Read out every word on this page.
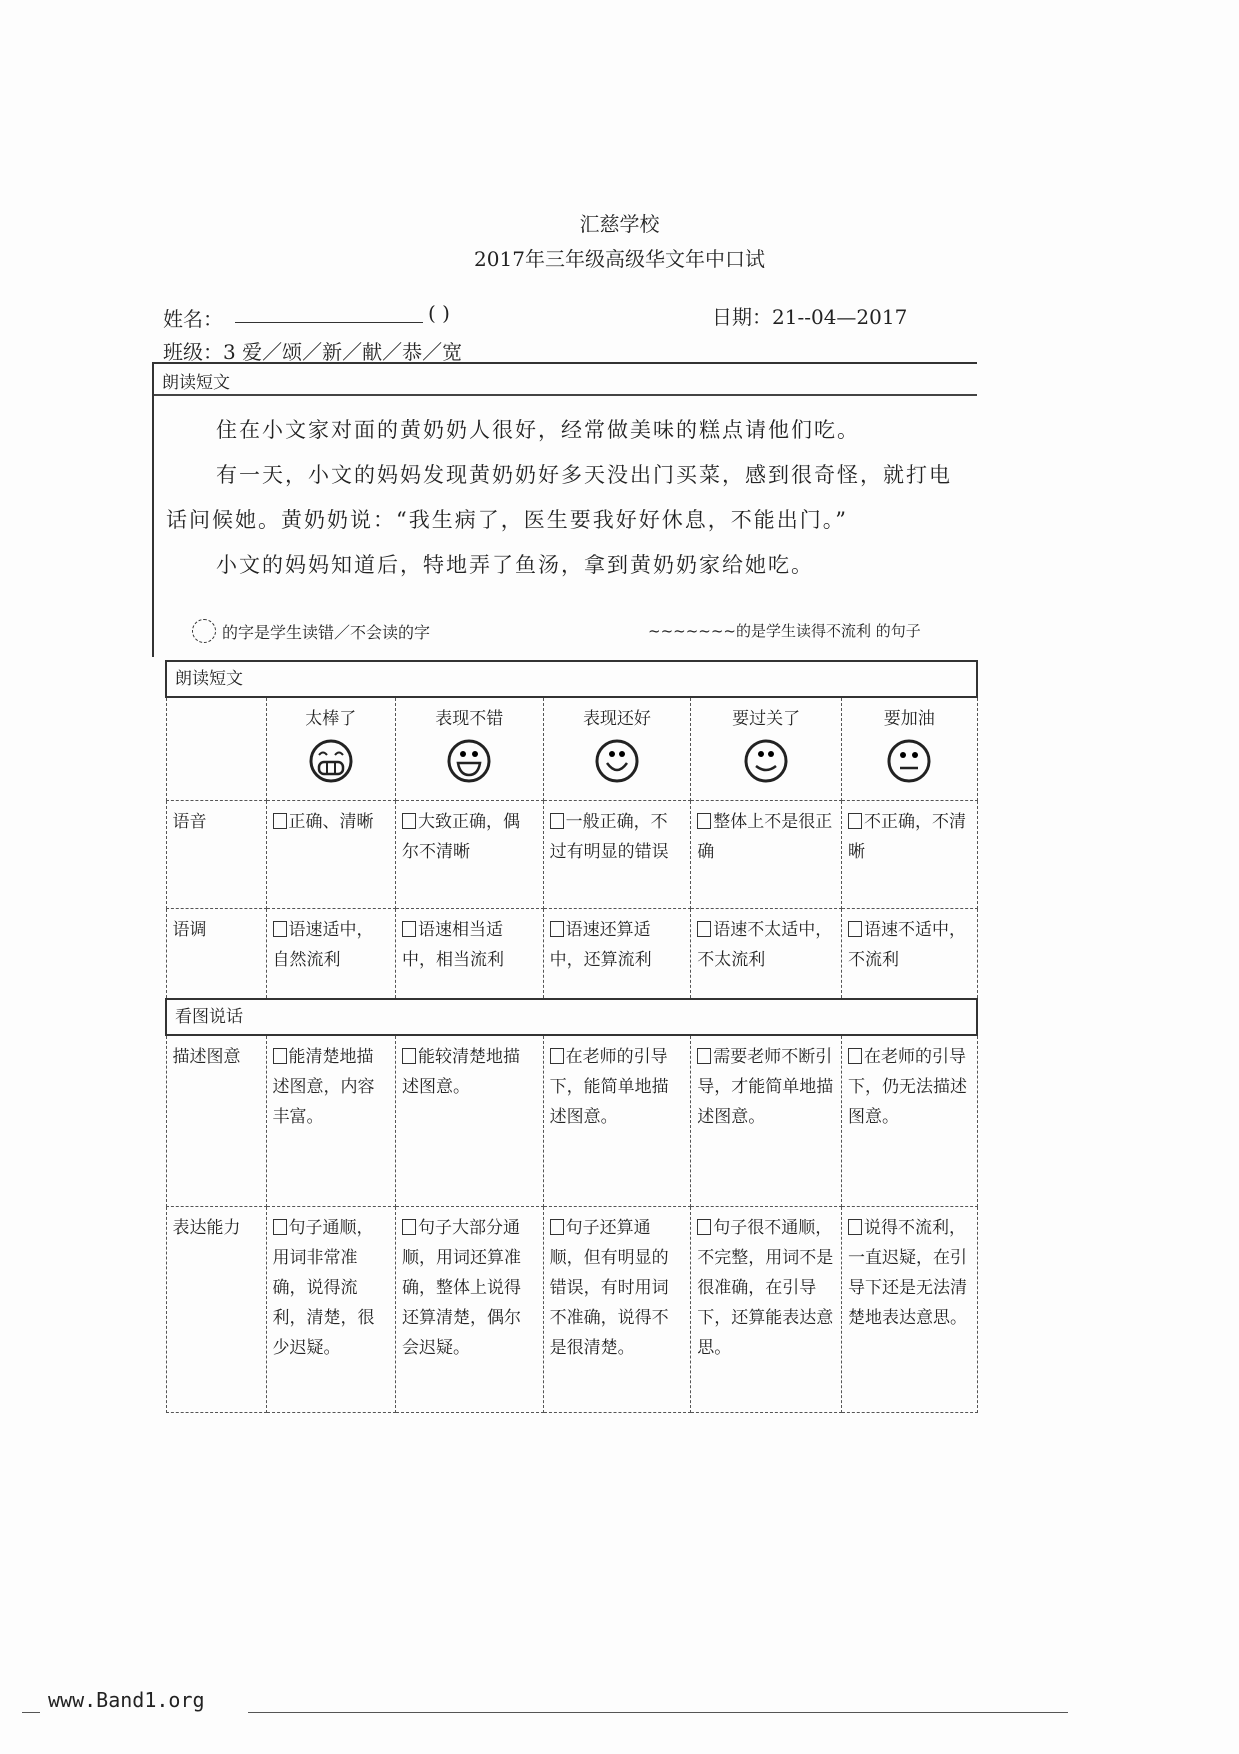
汇慈学校
2017年三年级高级华文年中口试
姓名：	( )	日期：21--04—2017
班级：3 爱／颂／新／献／恭／宽
朗读短文
住在小文家对面的黄奶奶人很好，经常做美味的糕点请他们吃。
有一天，小文的妈妈发现黄奶奶好多天没出门买菜，感到很奇怪，就打电
话问候她。黄奶奶说：“我生病了，医生要我好好休息，不能出门。”
小文的妈妈知道后，特地弄了鱼汤，拿到黄奶奶家给她吃。
的字是学生读错／不会读的字	~~~~~~~的是学生读得不流利 的句子
朗读短文					

	太棒了	表现不错	表现还好	要过关了	要加油

语音	正确、清晰	大致正确，偶尔不清晰	一般正确，不过有明显的错误	整体上不是很正确	不正确，不清晰
语调	语速适中，自然流利	语速相当适中，相当流利	语速还算适中，还算流利	语速不太适中，不太流利	语速不适中，不流利
看图说话					
描述图意	能清楚地描述图意，内容丰富。	能较清楚地描述图意。	在老师的引导下，能简单地描述图意。	需要老师不断引导，才能简单地描述图意。	在老师的引导下，仍无法描述图意。
表达能力	句子通顺，用词非常准确，说得流利，清楚，很少迟疑。	句子大部分通顺，用词还算准确，整体上说得还算清楚，偶尔会迟疑。	句子还算通顺，但有明显的错误，有时用词不准确，说得不是很清楚。	句子很不通顺，不完整，用词不是很准确，在引导下，还算能表达意思。	说得不流利，一直迟疑，在引导下还是无法清楚地表达意思。
www.Band1.org
